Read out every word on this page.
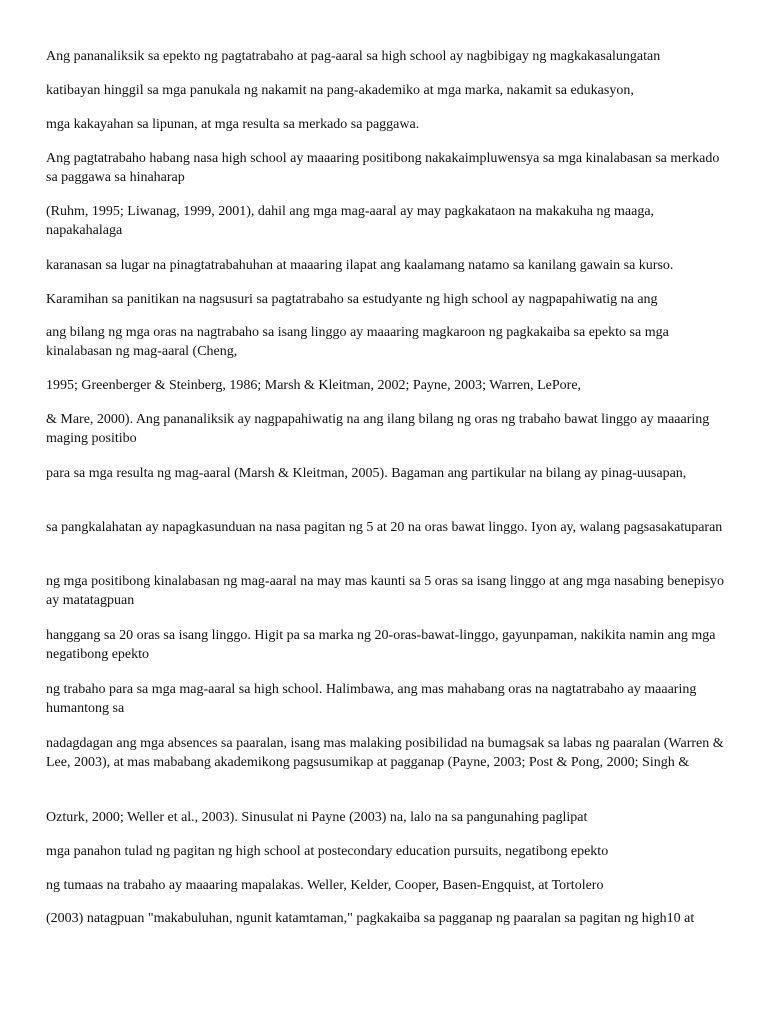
Ang pananaliksik sa epekto ng pagtatrabaho at pag-aaral sa high school ay nagbibigay ng magkakasalungatan

katibayan hinggil sa mga panukala ng nakamit na pang-akademiko at mga marka, nakamit sa edukasyon,

mga kakayahan sa lipunan, at mga resulta sa merkado sa paggawa.

Ang pagtatrabaho habang nasa high school ay maaaring positibong nakakaimpluwensya sa mga kinalabasan sa merkado sa paggawa sa hinaharap

(Ruhm, 1995; Liwanag, 1999, 2001), dahil ang mga mag-aaral ay may pagkakataon na makakuha ng maaga, napakahalaga

karanasan sa lugar na pinagtatrabahuhan at maaaring ilapat ang kaalamang natamo sa kanilang gawain sa kurso.

Karamihan sa panitikan na nagsusuri sa pagtatrabaho sa estudyante ng high school ay nagpapahiwatig na ang

ang bilang ng mga oras na nagtrabaho sa isang linggo ay maaaring magkaroon ng pagkakaiba sa epekto sa mga kinalabasan ng mag-aaral (Cheng,

1995; Greenberger & Steinberg, 1986; Marsh & Kleitman, 2002; Payne, 2003; Warren, LePore,

& Mare, 2000). Ang pananaliksik ay nagpapahiwatig na ang ilang bilang ng oras ng trabaho bawat linggo ay maaaring maging positibo

para sa mga resulta ng mag-aaral (Marsh & Kleitman, 2005). Bagaman ang partikular na bilang ay pinag-uusapan,

sa pangkalahatan ay napagkasunduan na nasa pagitan ng 5 at 20 na oras bawat linggo. Iyon ay, walang pagsasakatuparan

ng mga positibong kinalabasan ng mag-aaral na may mas kaunti sa 5 oras sa isang linggo at ang mga nasabing benepisyo ay matatagpuan

hanggang sa 20 oras sa isang linggo. Higit pa sa marka ng 20-oras-bawat-linggo, gayunpaman, nakikita namin ang mga negatibong epekto

ng trabaho para sa mga mag-aaral sa high school. Halimbawa, ang mas mahabang oras na nagtatrabaho ay maaaring humantong sa

nadagdagan ang mga absences sa paaralan, isang mas malaking posibilidad na bumagsak sa labas ng paaralan (Warren & Lee, 2003), at mas mababang akademikong pagsusumikap at pagganap (Payne, 2003; Post & Pong, 2000; Singh &

Ozturk, 2000; Weller et al., 2003). Sinusulat ni Payne (2003) na, lalo na sa pangunahing paglipat

mga panahon tulad ng pagitan ng high school at postecondary education pursuits, negatibong epekto

ng tumaas na trabaho ay maaaring mapalakas. Weller, Kelder, Cooper, Basen-Engquist, at Tortolero

(2003) natagpuan "makabuluhan, ngunit katamtaman," pagkakaiba sa pagganap ng paaralan sa pagitan ng high10 at
